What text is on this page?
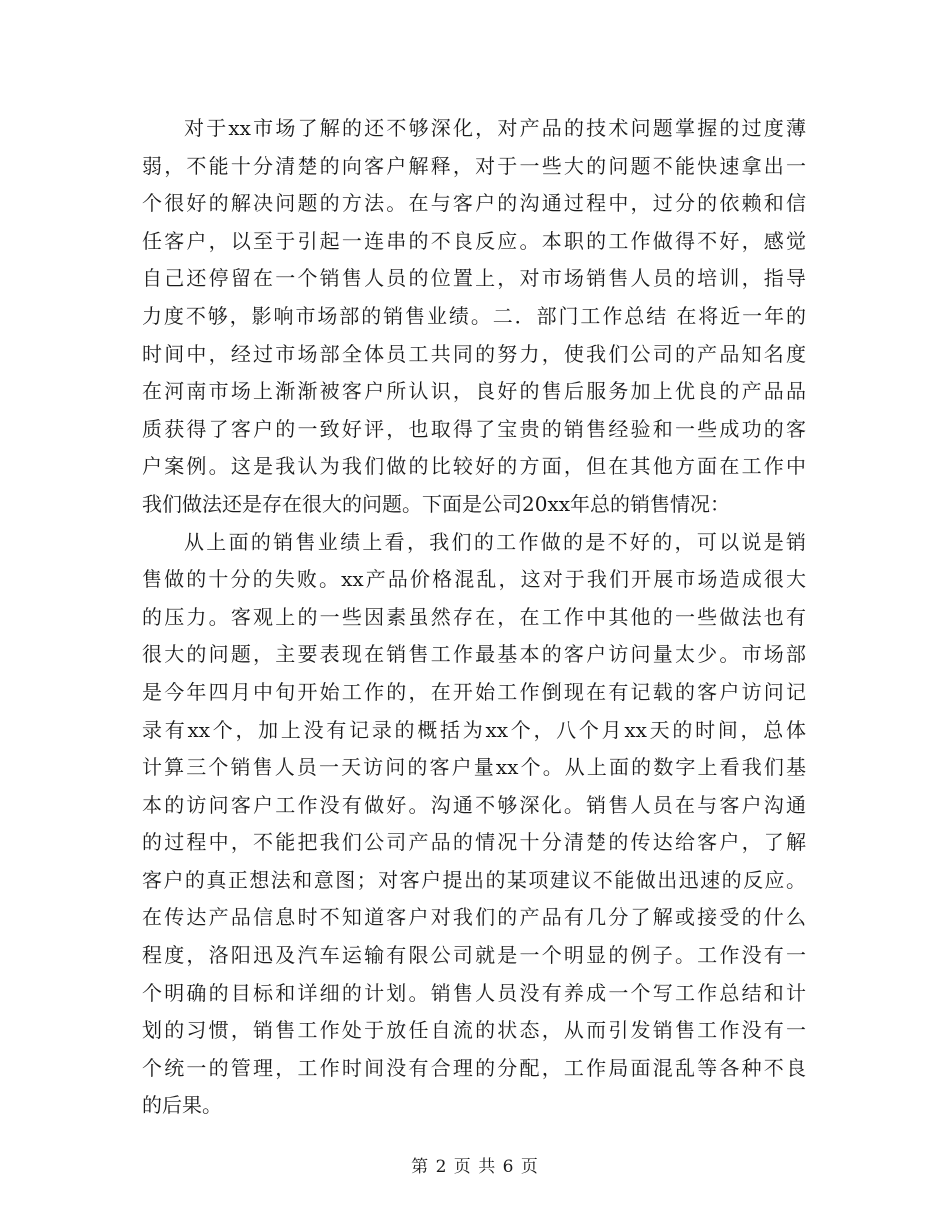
对于xx市场了解的还不够深化，对产品的技术问题掌握的过度薄
弱，不能十分清楚的向客户解释，对于一些大的问题不能快速拿出一
个很好的解决问题的方法。在与客户的沟通过程中，过分的依赖和信
任客户，以至于引起一连串的不良反应。本职的工作做得不好，感觉
自己还停留在一个销售人员的位置上，对市场销售人员的培训，指导
力度不够，影响市场部的销售业绩。二．部门工作总结 在将近一年的
时间中，经过市场部全体员工共同的努力，使我们公司的产品知名度
在河南市场上渐渐被客户所认识，良好的售后服务加上优良的产品品
质获得了客户的一致好评，也取得了宝贵的销售经验和一些成功的客
户案例。这是我认为我们做的比较好的方面，但在其他方面在工作中
我们做法还是存在很大的问题。下面是公司20xx年总的销售情况：
从上面的销售业绩上看，我们的工作做的是不好的，可以说是销
售做的十分的失败。xx产品价格混乱，这对于我们开展市场造成很大
的压力。客观上的一些因素虽然存在，在工作中其他的一些做法也有
很大的问题，主要表现在销售工作最基本的客户访问量太少。市场部
是今年四月中旬开始工作的，在开始工作倒现在有记载的客户访问记
录有xx个，加上没有记录的概括为xx个，八个月xx天的时间，总体
计算三个销售人员一天访问的客户量xx个。从上面的数字上看我们基
本的访问客户工作没有做好。沟通不够深化。销售人员在与客户沟通
的过程中，不能把我们公司产品的情况十分清楚的传达给客户，了解
客户的真正想法和意图；对客户提出的某项建议不能做出迅速的反应。
在传达产品信息时不知道客户对我们的产品有几分了解或接受的什么
程度，洛阳迅及汽车运输有限公司就是一个明显的例子。工作没有一
个明确的目标和详细的计划。销售人员没有养成一个写工作总结和计
划的习惯，销售工作处于放任自流的状态，从而引发销售工作没有一
个统一的管理，工作时间没有合理的分配，工作局面混乱等各种不良
的后果。
第 2 页 共 6 页
